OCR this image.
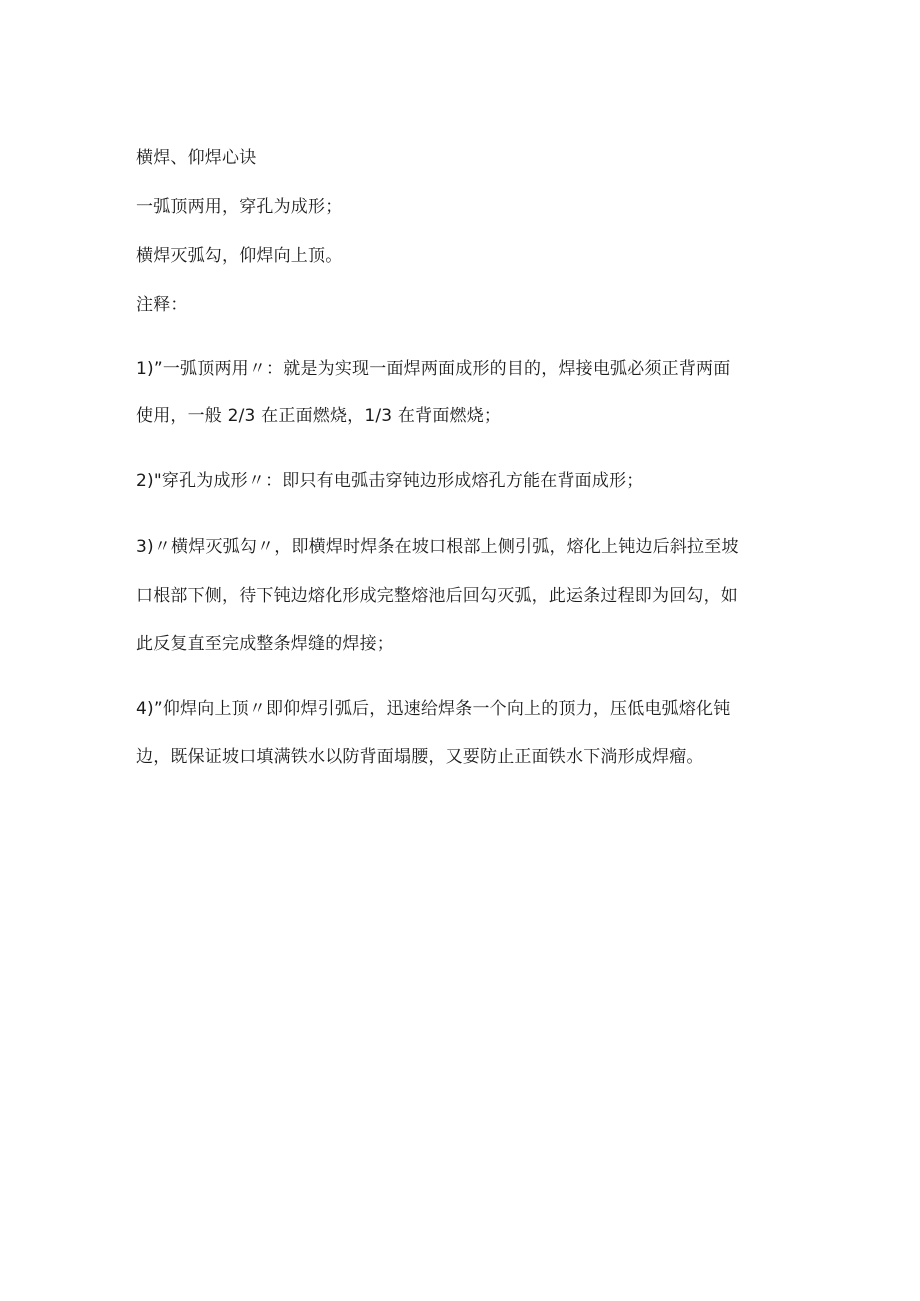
横焊、仰焊心诀
一弧顶两用，穿孔为成形；
横焊灭弧勾，仰焊向上顶。
注释：
1)”一弧顶两用〃：就是为实现一面焊两面成形的目的，焊接电弧必须正背两面
使用，一般 2/3 在正面燃烧，1/3 在背面燃烧；
2)"穿孔为成形〃：即只有电弧击穿钝边形成熔孔方能在背面成形；
3)〃横焊灭弧勾〃，即横焊时焊条在坡口根部上侧引弧，熔化上钝边后斜拉至坡
口根部下侧，待下钝边熔化形成完整熔池后回勾灭弧，此运条过程即为回勾，如
此反复直至完成整条焊缝的焊接；
4)”仰焊向上顶〃即仰焊引弧后，迅速给焊条一个向上的顶力，压低电弧熔化钝
边，既保证坡口填满铁水以防背面塌腰，又要防止正面铁水下淌形成焊瘤。
